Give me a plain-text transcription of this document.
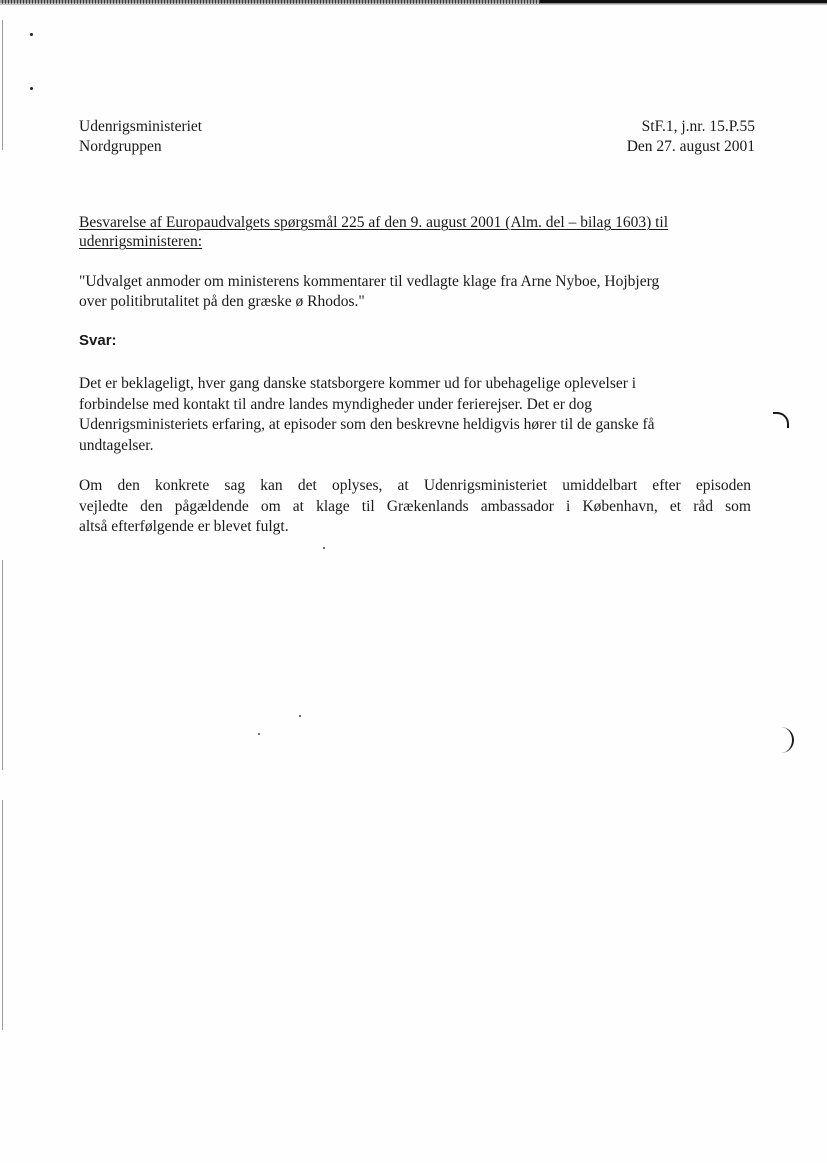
Udenrigsministeriet
Nordgruppen
StF.1, j.nr. 15.P.55
Den 27. august 2001
Besvarelse af Europaudvalgets spørgsmål 225 af den 9. august 2001 (Alm. del – bilag 1603) til
udenrigsministeren:
"Udvalget anmoder om ministerens kommentarer til vedlagte klage fra Arne Nyboe, Hojbjerg
over politibrutalitet på den græske ø Rhodos."
Svar:
Det er beklageligt, hver gang danske statsborgere kommer ud for ubehagelige oplevelser i
forbindelse med kontakt til andre landes myndigheder under ferierejser. Det er dog
Udenrigsministeriets erfaring, at episoder som den beskrevne heldigvis hører til de ganske få
undtagelser.
Om den konkrete sag kan det oplyses, at Udenrigsministeriet umiddelbart efter episoden
vejledte den pågældende om at klage til Grækenlands ambassador i København, et råd som
altså efterfølgende er blevet fulgt.
